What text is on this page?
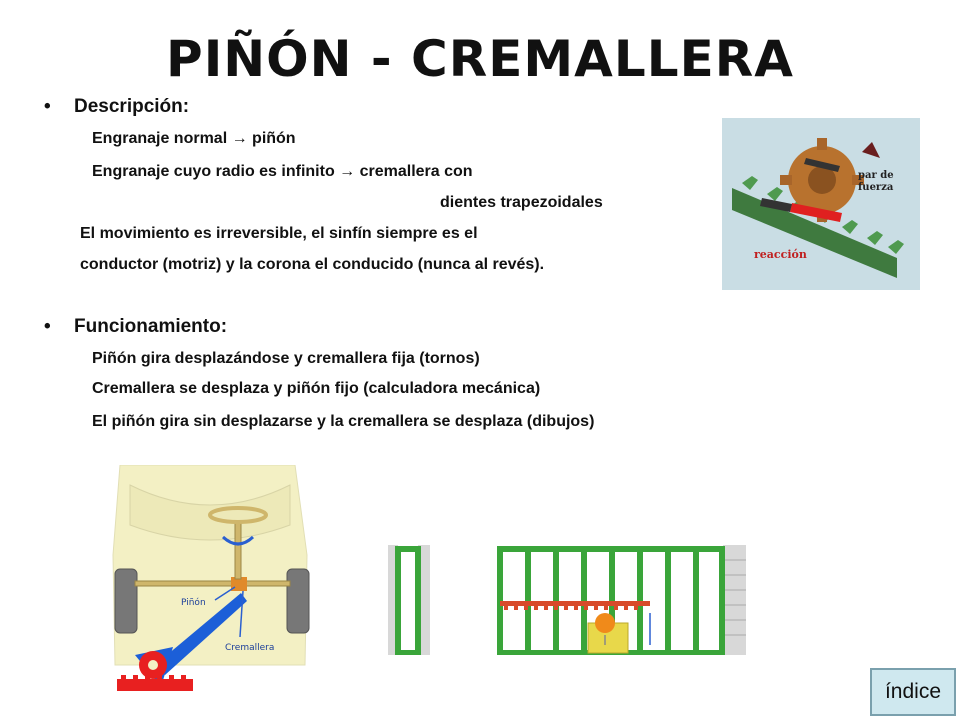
PIÑÓN - CREMALLERA
• Descripción:
Engranaje normal → piñón
Engranaje cuyo radio es infinito → cremallera con
dientes trapezoidales
El movimiento es irreversible, el sinfín siempre es el
conductor (motriz) y la corona el conducido (nunca al revés).
• Funcionamiento:
Piñón gira desplazándose y cremallera fija (tornos)
Cremallera se desplaza y piñón fijo (calculadora mecánica)
El piñón gira sin desplazarse y la cremallera se desplaza (dibujos)
par de
fuerza
reacción
Piñón
Cremallera
índice
